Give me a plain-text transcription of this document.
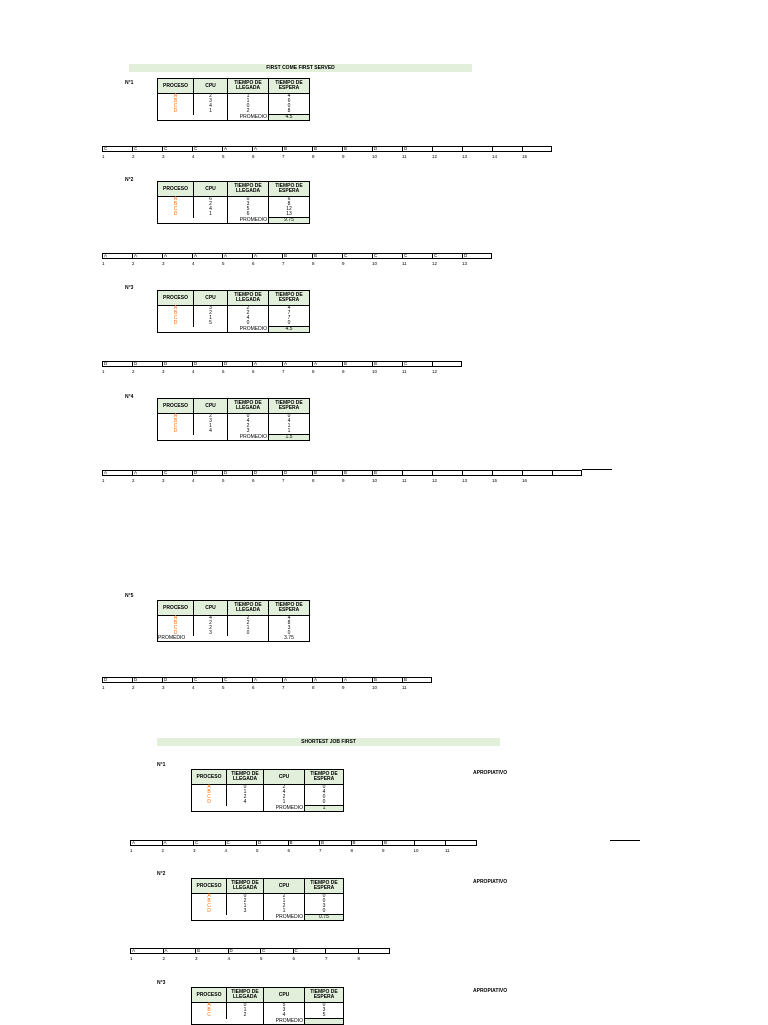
FIRST COME FIRST SERVED
N°1	PROCESO	CPU	TIEMPO DE LLEGADA	TIEMPO DE ESPERA
A	2	1	4
B	3	1	6
C	4	0	0
D	1	2	8
		PROMEDIO	4.5
C	C	C	C	A	A	B	B	B	D	D
1	2	3	4	5	6	7	8	9	10	11	12	13	14	15
N°2
PROCESO	CPU	TIEMPO DE LLEGADA	TIEMPO DE ESPERA
A	6	0	6
B	2	3	8
C	4	5	12
D	1	6	13
		PROMEDIO	9.75
A	A	A	A	A	A	B	B	C	C	C	C	D
1	2	3	4	5	6	7	8	9	10	11	12	13
N°3
PROCESO	CPU	TIEMPO DE LLEGADA	TIEMPO DE ESPERA
A	3	2	4
B	2	2	7
C	1	4	7
D	5	0	0
		PROMEDIO	4.5
D	D	D	D	D	A	A	A	B	B	C
1	2	3	4	5	6	7	8	9	10	11	12
N°4
PROCESO	CPU	TIEMPO DE LLEGADA	TIEMPO DE ESPERA
A	2	0	0
B	3	4	4
C	1	2	1
D	4	3	1
		PROMEDIO	1.5
A	A	C	D	D	D	D	B	B	B
1	2	3	4	5	6	7	8	9	10	11	12	13	15	16
N°5
PROCESO	CPU	TIEMPO DE LLEGADA	TIEMPO DE ESPERA
A	4	2	4
B	2	2	8
C	2	1	3
D	3	0	0
PROMEDIO			3.75
D	D	D	C	C	A	A	A	A	B	B
1	2	3	4	5	6	7	8	9	10	11
SHORTEST JOB FIRST
N°1
APROPIATIVO
PROCESO	TIEMPO DE LLEGADA	CPU	TIEMPO DE ESPERA
A	0	2	0
B	1	4	4
C	2	2	0
D	4	1	0
		PROMEDIO	1
A	A	C	C	D	B	B	B	B
1	2	3	4	5	6	7	8	9	10	11
N°2
APROPIATIVO
PROCESO	TIEMPO DE LLEGADA	CPU	TIEMPO DE ESPERA
A	0	2	0
B	2	1	0
C	1	2	3
D	3	1	0
		PROMEDIO	0.75
A	A	B	D	C	C
1	2	3	4	5	6	7	8
N°3
APROPIATIVO
PROCESO	TIEMPO DE LLEGADA	CPU	TIEMPO DE ESPERA
A	0	5	0
B	1	3	3
C	2	4	5
		PROMEDIO	
